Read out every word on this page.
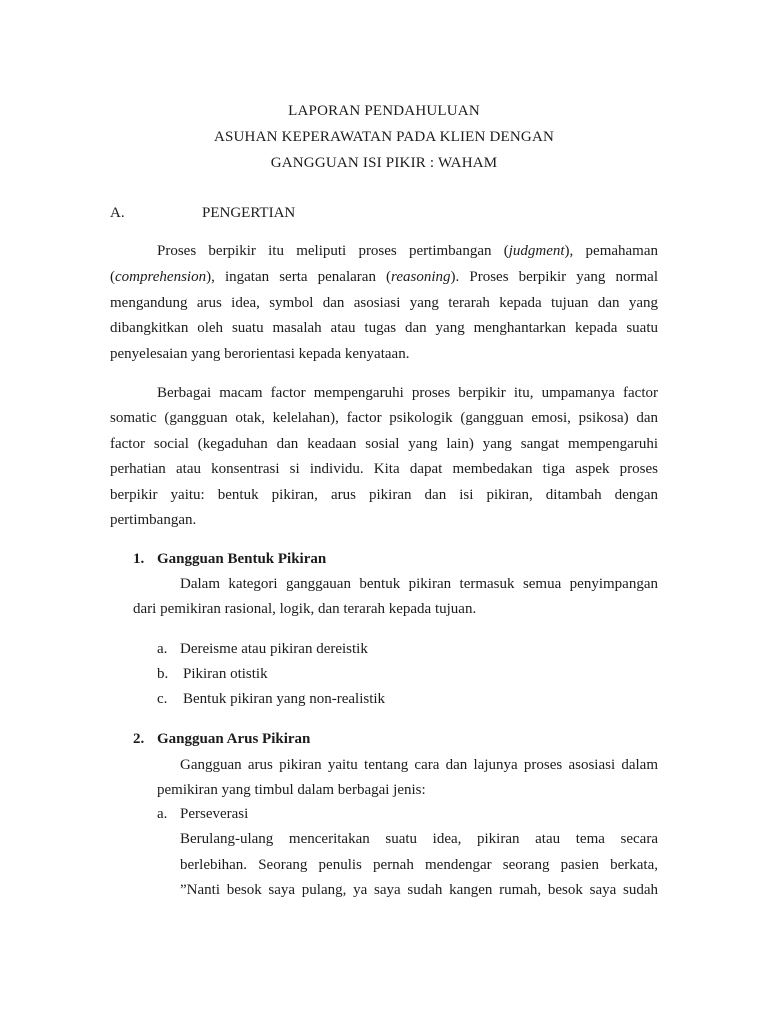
LAPORAN PENDAHULUAN
ASUHAN KEPERAWATAN PADA KLIEN DENGAN
GANGGUAN ISI PIKIR : WAHAM
A.	PENGERTIAN
Proses berpikir itu meliputi proses pertimbangan (judgment), pemahaman
(comprehension), ingatan serta penalaran (reasoning). Proses berpikir yang normal
mengandung arus idea, symbol dan asosiasi yang terarah kepada tujuan dan yang
dibangkitkan oleh suatu masalah atau tugas dan yang menghantarkan kepada suatu
penyelesaian yang berorientasi kepada kenyataan.
Berbagai macam factor mempengaruhi proses berpikir itu, umpamanya factor
somatic (gangguan otak, kelelahan), factor psikologik (gangguan emosi, psikosa) dan
factor social (kegaduhan dan keadaan sosial yang lain) yang sangat mempengaruhi
perhatian atau konsentrasi si individu. Kita dapat membedakan tiga aspek proses
berpikir yaitu: bentuk pikiran, arus pikiran dan isi pikiran, ditambah dengan
pertimbangan.
1. Gangguan Bentuk Pikiran
Dalam kategori ganggauan bentuk pikiran termasuk semua penyimpangan
dari pemikiran rasional, logik, dan terarah kepada tujuan.
a. Dereisme atau pikiran dereistik
b. Pikiran otistik
c. Bentuk pikiran yang non-realistik
2. Gangguan Arus Pikiran
Gangguan arus pikiran yaitu tentang cara dan lajunya proses asosiasi dalam
pemikiran yang timbul dalam berbagai jenis:
a. Perseverasi
Berulang-ulang menceritakan suatu idea, pikiran atau tema secara
berlebihan. Seorang penulis pernah mendengar seorang pasien berkata,
”Nanti besok saya pulang, ya saya sudah kangen rumah, besok saya sudah
